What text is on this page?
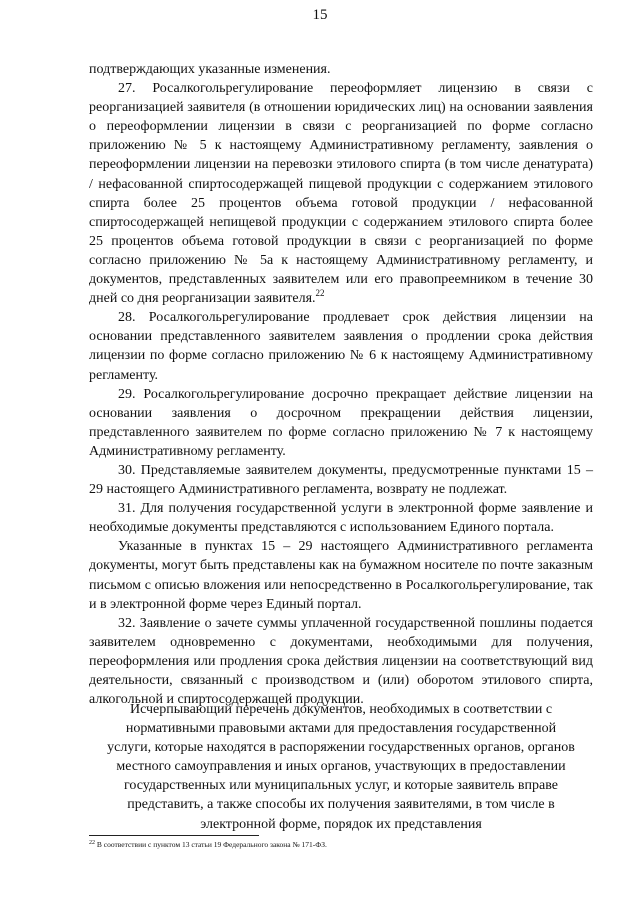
15

подтверждающих указанные изменения.

27. Росалкогольрегулирование переоформляет лицензию в связи с реорганизацией заявителя (в отношении юридических лиц) на основании заявления о переоформлении лицензии в связи с реорганизацией по форме согласно приложению № 5 к настоящему Административному регламенту, заявления о переоформлении лицензии на перевозки этилового спирта (в том числе денатурата) / нефасованной спиртосодержащей пищевой продукции с содержанием этилового спирта более 25 процентов объема готовой продукции / нефасованной спиртосодержащей непищевой продукции с содержанием этилового спирта более 25 процентов объема готовой продукции в связи с реорганизацией по форме согласно приложению № 5а к настоящему Административному регламенту, и документов, представленных заявителем или его правопреемником в течение 30 дней со дня реорганизации заявителя.$^{22}$

28. Росалкогольрегулирование продлевает срок действия лицензии на основании представленного заявителем заявления о продлении срока действия лицензии по форме согласно приложению № 6 к настоящему Административному регламенту.

29. Росалкогольрегулирование досрочно прекращает действие лицензии на основании заявления о досрочном прекращении действия лицензии, представленного заявителем по форме согласно приложению № 7 к настоящему Административному регламенту.

30. Представляемые заявителем документы, предусмотренные пунктами 15 – 29 настоящего Административного регламента, возврату не подлежат.

31. Для получения государственной услуги в электронной форме заявление и необходимые документы представляются с использованием Единого портала.

Указанные в пунктах 15 – 29 настоящего Административного регламента документы, могут быть представлены как на бумажном носителе по почте заказным письмом с описью вложения или непосредственно в Росалкогольрегулирование, так и в электронной форме через Единый портал.

32. Заявление о зачете суммы уплаченной государственной пошлины подается заявителем одновременно с документами, необходимыми для получения, переоформления или продления срока действия лицензии на соответствующий вид деятельности, связанный с производством и (или) оборотом этилового спирта, алкогольной и спиртосодержащей продукции.

Исчерпывающий перечень документов, необходимых в соответствии с нормативными правовыми актами для предоставления государственной услуги, которые находятся в распоряжении государственных органов, органов местного самоуправления и иных органов, участвующих в предоставлении государственных или муниципальных услуг, и которые заявитель вправе представить, а также способы их получения заявителями, в том числе в электронной форме, порядок их представления
$^{22}$ В соответствии с пунктом 13 статьи 19 Федерального закона № 171-ФЗ.
